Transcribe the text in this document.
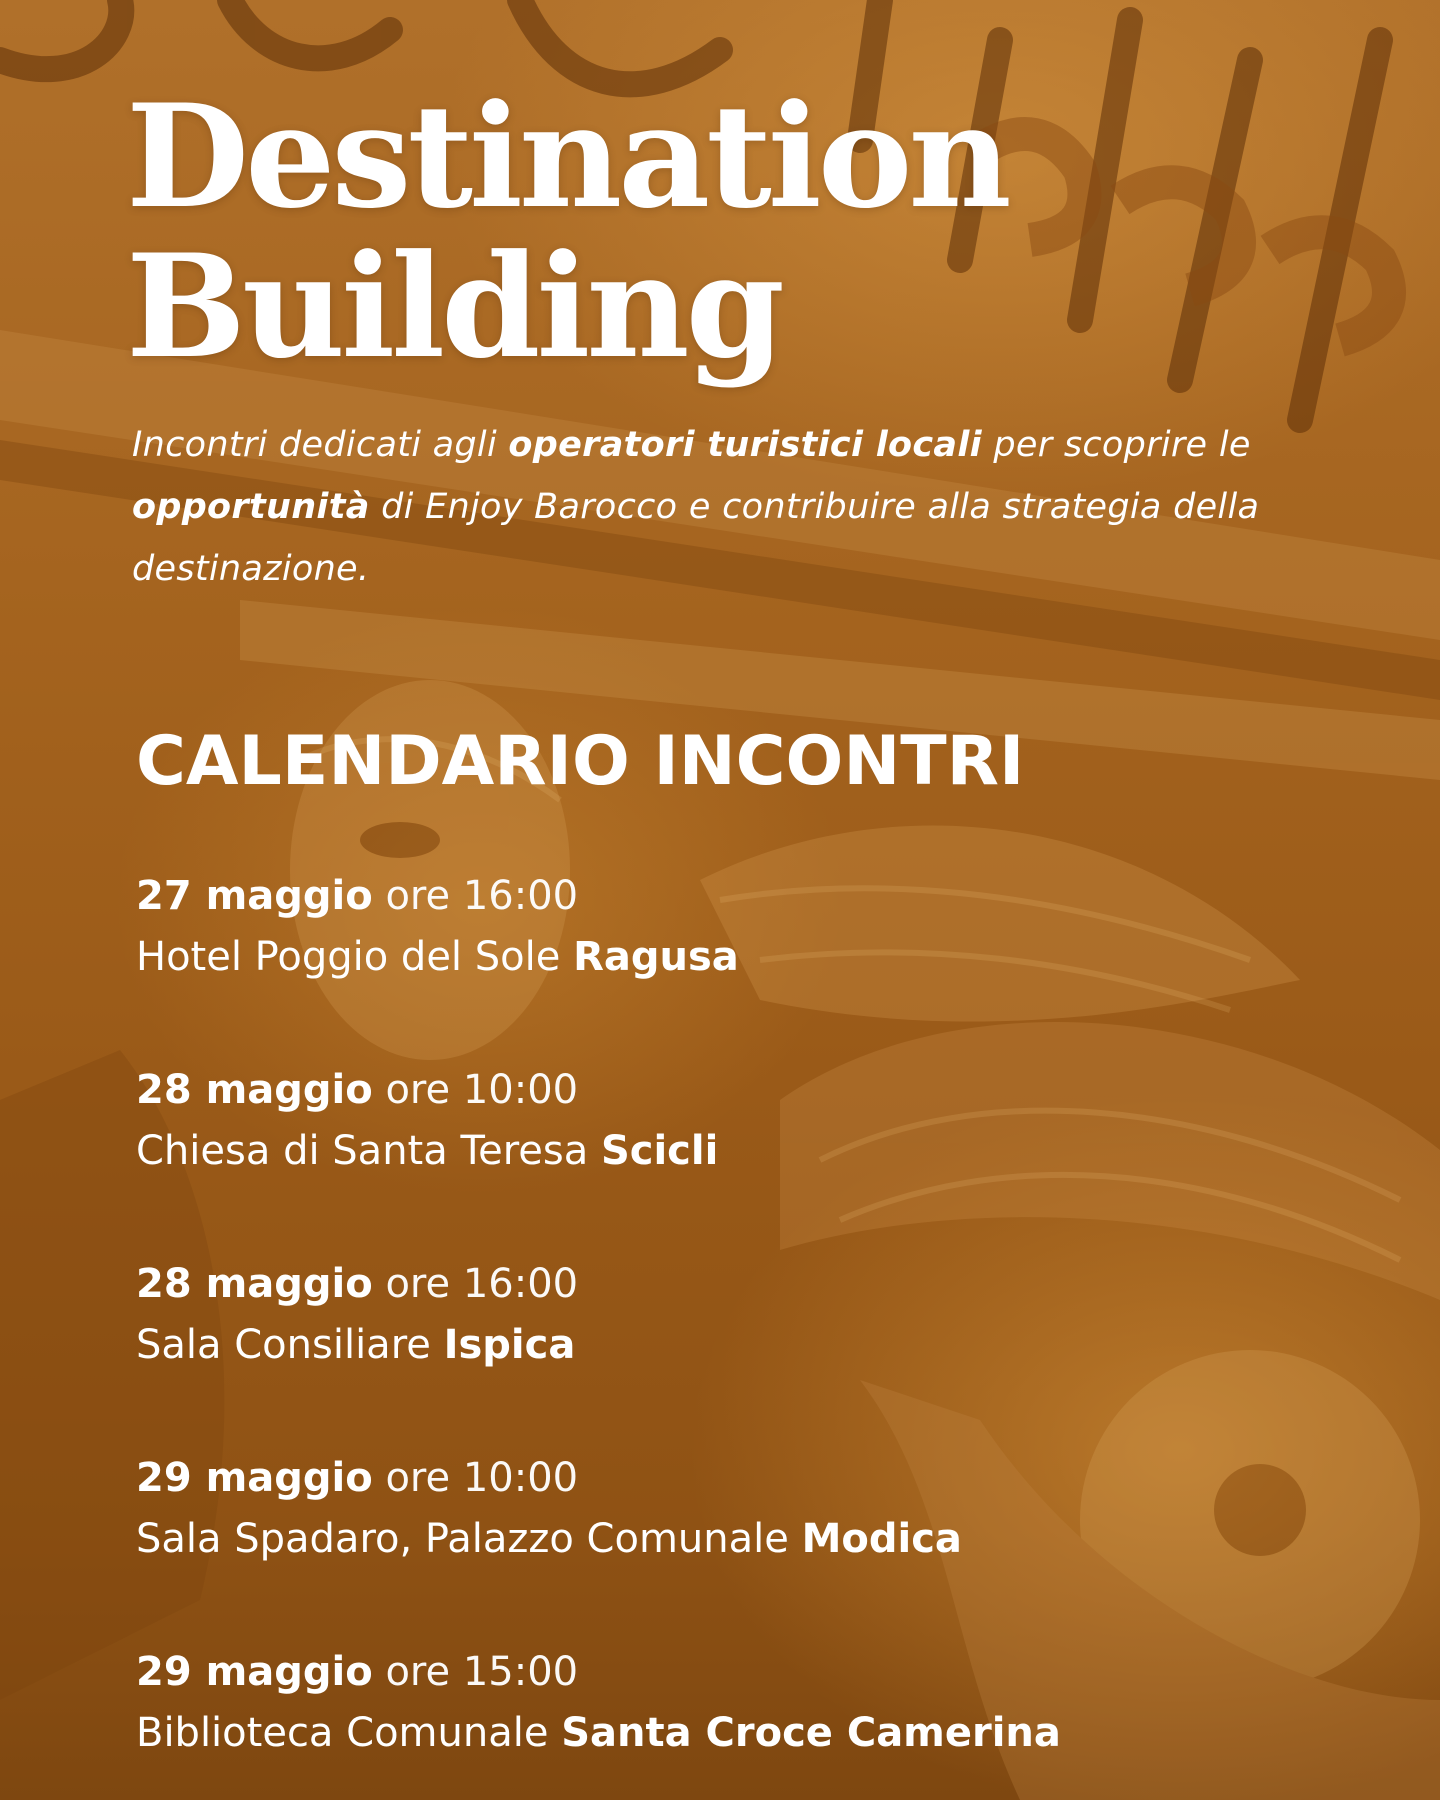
Destination
Building

Incontri dedicati agli operatori turistici locali per scoprire le opportunità di Enjoy Barocco e contribuire alla strategia della destinazione.

CALENDARIO INCONTRI
27 maggio ore 16:00
Hotel Poggio del Sole Ragusa
28 maggio ore 10:00
Chiesa di Santa Teresa Scicli
28 maggio ore 16:00
Sala Consiliare Ispica
29 maggio ore 10:00
Sala Spadaro, Palazzo Comunale Modica
29 maggio ore 15:00
Biblioteca Comunale Santa Croce Camerina
